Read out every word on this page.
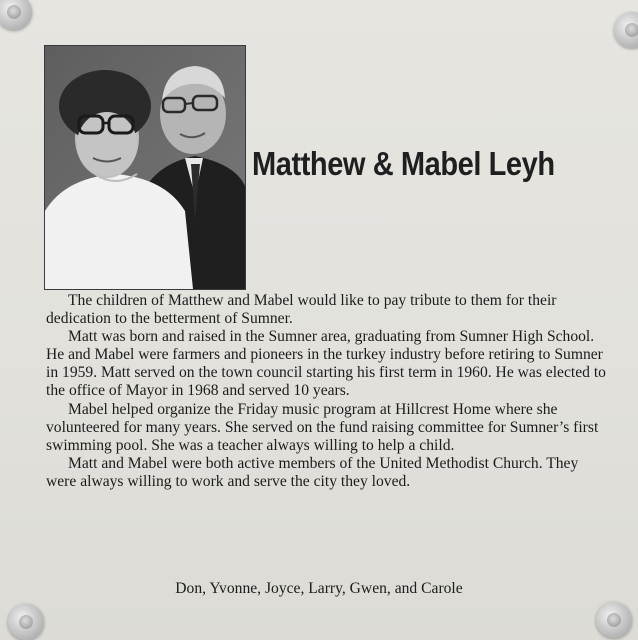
Matthew & Mabel Leyh

The children of Matthew and Mabel would like to pay tribute to them for their dedication to the betterment of Sumner.

Matt was born and raised in the Sumner area, graduating from Sumner High School. He and Mabel were farmers and pioneers in the turkey industry before retiring to Sumner in 1959. Matt served on the town council starting his first term in 1960. He was elected to the office of Mayor in 1968 and served 10 years.

Mabel helped organize the Friday music program at Hillcrest Home where she volunteered for many years. She served on the fund raising committee for Sumner’s first swimming pool. She was a teacher always willing to help a child.

Matt and Mabel were both active members of the United Methodist Church. They were always willing to work and serve the city they loved.

Don, Yvonne, Joyce, Larry, Gwen, and Carole
